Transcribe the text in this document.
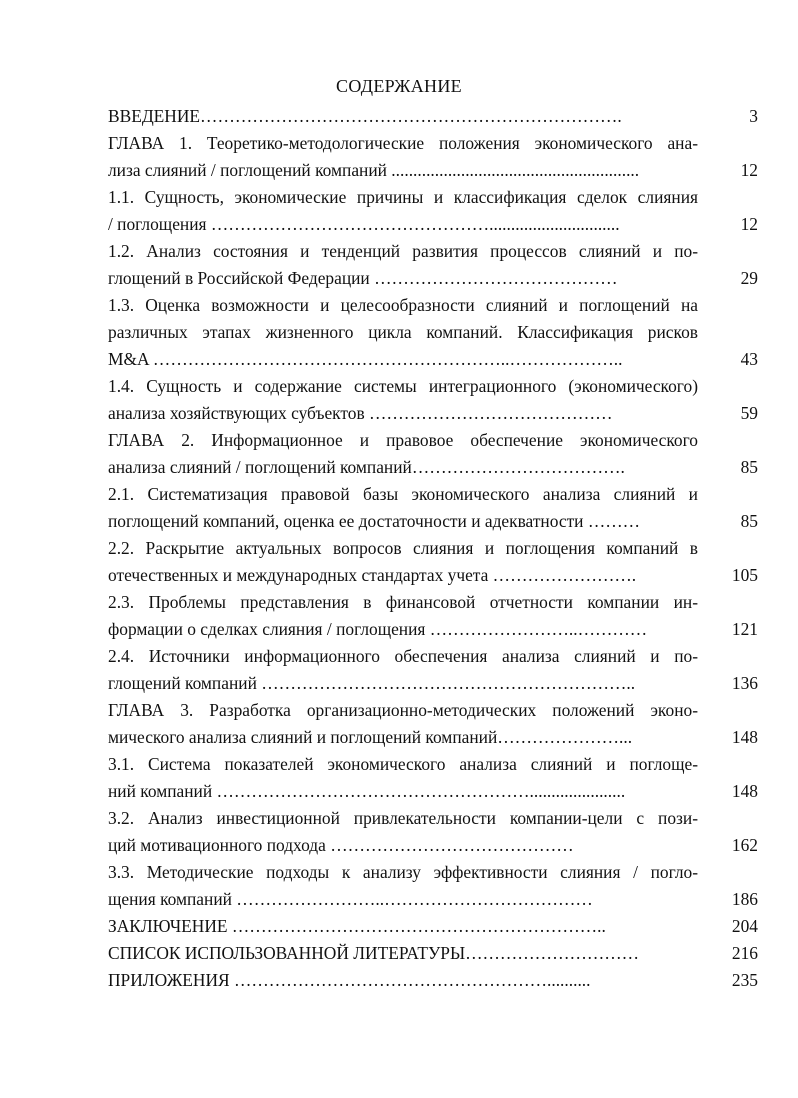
СОДЕРЖАНИЕ
ВВЕДЕНИЕ……………………………………………………………….	3
ГЛАВА 1. Теоретико-методологические положения экономического ана-
лиза слияний / поглощений компаний .........................................................	12
1.1. Сущность, экономические причины и классификация сделок слияния
/ поглощения …………………………………………..............................	12
1.2. Анализ состояния и тенденций развития процессов слияний и по-
глощений в Российской Федерации ……………………………………	29
1.3. Оценка возможности и целесообразности слияний и поглощений на
различных этапах жизненного цикла компаний. Классификация рисков
M&A ……………………………………………………..………………..	43
1.4. Сущность и содержание системы интеграционного (экономического)
анализа хозяйствующих субъектов ……………………………………	59
ГЛАВА 2. Информационное и правовое обеспечение экономического
анализа слияний / поглощений компаний……………………………….	85
2.1. Систематизация правовой базы экономического анализа слияний и
поглощений компаний, оценка ее достаточности и адекватности ………	85
2.2. Раскрытие актуальных вопросов слияния и поглощения компаний в
отечественных и международных стандартах учета …………………….	105
2.3. Проблемы представления в финансовой отчетности компании ин-
формации о сделках слияния / поглощения ……………………..…………	121
2.4. Источники информационного обеспечения анализа слияний и по-
глощений компаний ………………………………………………………..	136
ГЛАВА 3. Разработка организационно-методических положений эконо-
мического анализа слияний и поглощений компаний…………………...	148
3.1. Система показателей экономического анализа слияний и поглоще-
ний компаний ………………………………………………......................	148
3.2. Анализ инвестиционной привлекательности компании-цели с пози-
ций мотивационного подхода ……………………………………	162
3.3. Методические подходы к анализу эффективности слияния / погло-
щения компаний ……………………..………………………………	186
ЗАКЛЮЧЕНИЕ ………………………………………………………..	204
СПИСОК ИСПОЛЬЗОВАННОЙ ЛИТЕРАТУРЫ…………………………	216
ПРИЛОЖЕНИЯ ………………………………………………..........	235
